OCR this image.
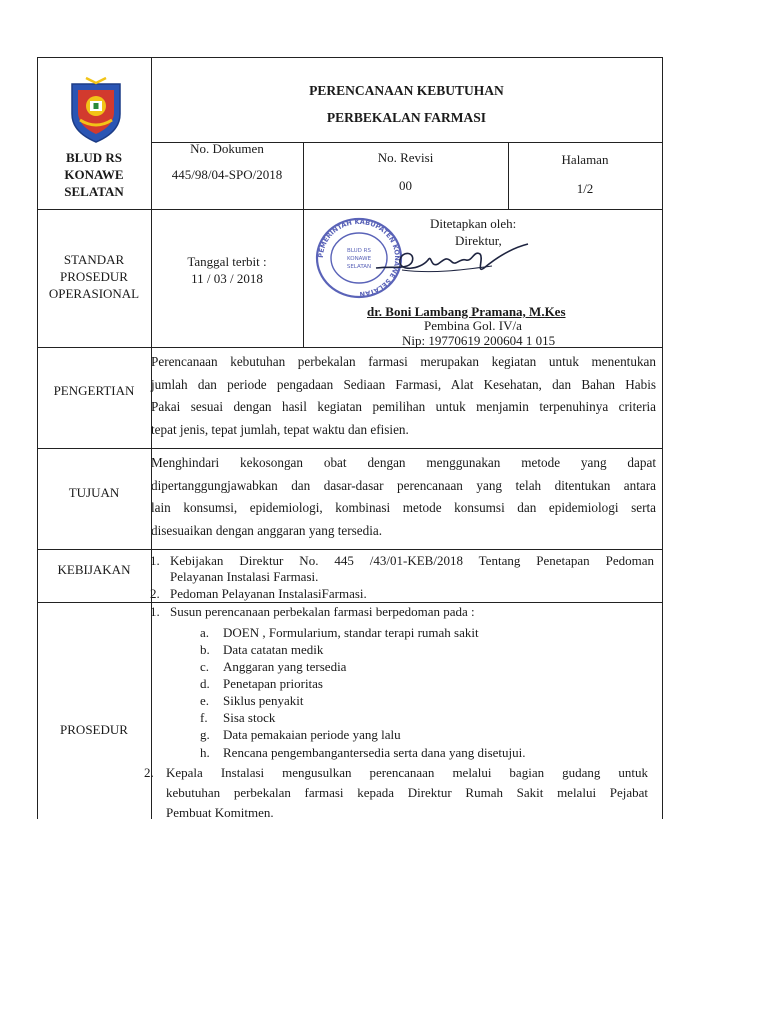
BLUD RS
KONAWE
SELATAN
PERENCANAAN KEBUTUHAN
PERBEKALAN FARMASI
No. Dokumen
445/98/04-SPO/2018
No. Revisi
00
Halaman
1/2
STANDAR
PROSEDUR
OPERASIONAL
Tanggal terbit :
11 / 03 / 2018
PEMERINTAH KABUPATEN KONAWE SELATAN
BLUD RS
KONAWE
SELATAN
Ditetapkan oleh:
Direktur,
dr. Boni Lambang Pramana, M.Kes
Pembina Gol. IV/a
Nip: 19770619 200604 1 015
PENGERTIAN
Perencanaan kebutuhan perbekalan farmasi merupakan kegiatan untuk menentukan
jumlah dan periode pengadaan Sediaan Farmasi, Alat Kesehatan, dan Bahan Habis
Pakai sesuai dengan hasil kegiatan pemilihan untuk menjamin terpenuhinya criteria
tepat jenis, tepat jumlah, tepat waktu dan efisien.
TUJUAN
Menghindari kekosongan obat dengan menggunakan metode yang dapat
dipertanggungjawabkan dan dasar-dasar perencanaan yang telah ditentukan antara
lain konsumsi, epidemiologi, kombinasi metode konsumsi dan epidemiologi serta
disesuaikan dengan anggaran yang tersedia.
KEBIJAKAN
1. Kebijakan Direktur No. 445 /43/01-KEB/2018 Tentang Penetapan Pedoman
Pelayanan Instalasi Farmasi.
2. Pedoman Pelayanan InstalasiFarmasi.
PROSEDUR
1. Susun perencanaan perbekalan farmasi berpedoman pada :
a. DOEN , Formularium, standar terapi rumah sakit
b. Data catatan medik
c. Anggaran yang tersedia
d. Penetapan prioritas
e. Siklus penyakit
f. Sisa stock
g. Data pemakaian periode yang lalu
h. Rencana pengembangantersedia serta dana yang disetujui.
2. Kepala Instalasi mengusulkan perencanaan melalui bagian gudang untuk
kebutuhan perbekalan farmasi kepada Direktur Rumah Sakit melalui Pejabat
Pembuat Komitmen.
